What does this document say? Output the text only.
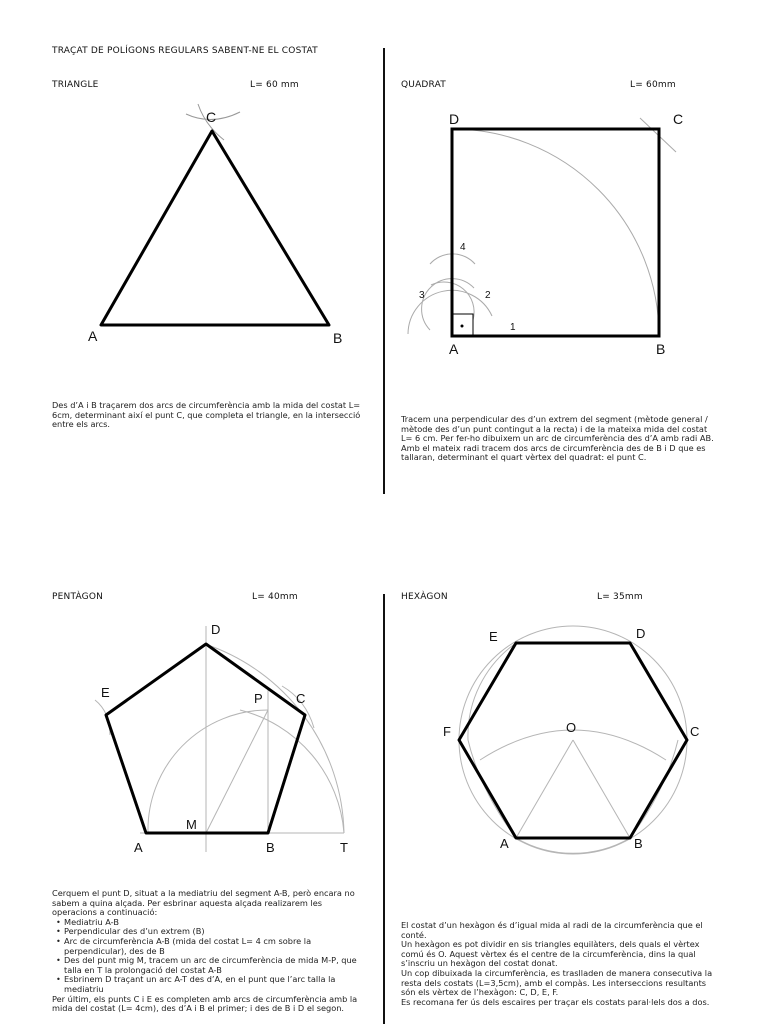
TRAÇAT DE POLÍGONS REGULARS SABENT-NE EL COSTAT
TRIANGLE	L= 60 mm
A	B
C
Des d’A i B traçarem dos arcs de circumferència amb la mida del costat L= 6cm, determinant així el punt C, que completa el triangle, en la intersecció entre els arcs.
QUADRAT	L= 60mm
A	B
C
D
1
2
3
4

Tracem una perpendicular des d’un extrem del segment (mètode general / mètode des d’un punt contingut a la recta) i de la mateixa mida del costat L= 6 cm. Per fer-ho dibuixem un arc de circumferència des d’A amb radi AB.

Amb el mateix radi tracem dos arcs de circumferència des de B i D que es tallaran, determinant el quart vèrtex del quadrat: el punt C.

PENTÀGON	L= 40mm
A	B
C
D
E
M
P
T

Cerquem el punt D, situat a la mediatriu del segment A-B, però encara no sabem a quina alçada. Per esbrinar aquesta alçada realizarem les operacions a continuació:

• Mediatriu A-B
• Perpendicular des d’un extrem (B)
• Arc de circumferència A-B (mida del costat L= 4 cm sobre la perpendicular), des de B
• Des del punt mig M, tracem un arc de circumferència de mida M-P, que talla en T la prolongació del costat A-B
• Esbrinem D traçant un arc A-T des d’A, en el punt que l’arc talla la mediatriu

Per últim, els punts C i E es completen amb arcs de circumferència amb la mida del costat (L= 4cm), des d’A i B el primer; i des de B i D el segon.

HEXÀGON	L= 35mm
A	B
C
D
E
F	O

El costat d’un hexàgon és d’igual mida al radi de la circumferència que el conté.

Un hexàgon es pot dividir en sis triangles equilàters, dels quals el vèrtex comú és O. Aquest vèrtex és el centre de la circumferència, dins la qual s’inscriu un hexàgon del costat donat.

Un cop dibuixada la circumferència, es traslladen de manera consecutiva la resta dels costats (L=3,5cm), amb el compàs. Les interseccions resultants són els vèrtex de l’hexàgon: C, D, E, F.

Es recomana fer ús dels escaires per traçar els costats paral·lels dos a dos.
